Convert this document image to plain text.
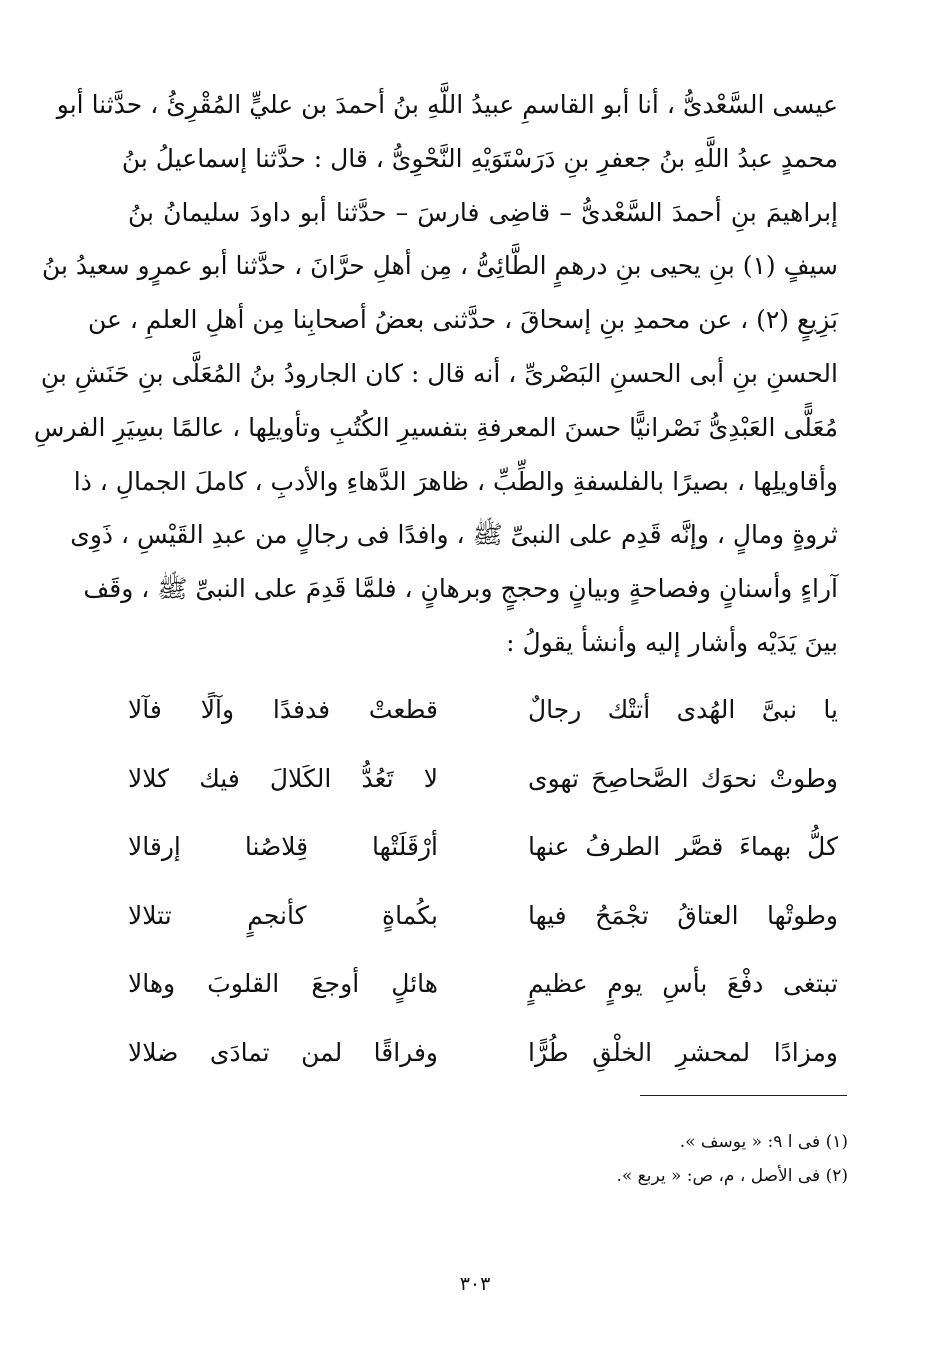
عيسى السَّعْدىُّ ، أنا أبو القاسمِ عبيدُ اللَّهِ بنُ أحمدَ بن عليٍّ المُقْرِئُ ، حدَّثنا أبو
محمدٍ عبدُ اللَّهِ بنُ جعفرِ بنِ دَرَسْتَوَيْهِ النَّحْوِىُّ ، قال : حدَّثنا إسماعيلُ بنُ
إبراهيمَ بنِ أحمدَ السَّعْدىُّ – قاضِى فارسَ – حدَّثنا أبو داودَ سليمانُ بنُ
سيفٍ (١) بنِ يحيى بنِ درهمٍ الطَّائِىُّ ، مِن أهلِ حرَّانَ ، حدَّثنا أبو عمرٍو سعيدُ بنُ
بَزِيعٍ (٢) ، عن محمدِ بنِ إسحاقَ ، حدَّثنى بعضُ أصحابِنا مِن أهلِ العلمِ ، عن
الحسنِ بنِ أبى الحسنِ البَصْرىِّ ، أنه قال : كان الجارودُ بنُ المُعَلَّى بنِ حَنَشِ بنِ
مُعَلًّى العَبْدِىُّ نَصْرانيًّا حسنَ المعرفةِ بتفسيرِ الكُتُبِ وتأويلِها ، عالمًا بسِيَرِ الفرسِ
وأقاويلِها ، بصيرًا بالفلسفةِ والطِّبِّ ، ظاهرَ الدَّهاءِ والأدبِ ، كاملَ الجمالِ ، ذا
ثروةٍ ومالٍ ، وإنَّه قَدِم على النبىِّ ﷺ ، وافدًا فى رجالٍ من عبدِ القَيْسِ ، ذَوِى
آراءٍ وأسنانٍ وفصاحةٍ وبيانٍ وحججٍ وبرهانٍ ، فلمَّا قَدِمَ على النبىِّ ﷺ ، وقَف
بينَ يَدَيْه وأشار إليه وأنشأ يقولُ :
يا نبىَّ الهُدى أتتْك رجالٌ
قطعتْ فدفدًا وآلًا فآلا
وطوتْ نحوَك الصَّحاصِحَ تهوى
لا تَعُدُّ الكَلالَ فيك كلالا
كلُّ بهماءَ قصَّر الطرفُ عنها
أرْقَلَتْها قِلاصُنا إرقالا
وطوتْها العتاقُ تجْمَحُ فيها
بكُماةٍ كأنجمٍ تتلالا
تبتغى دفْعَ بأسِ يومٍ عظيمٍ
هائلٍ أوجعَ القلوبَ وهالا
ومزادًا لمحشرِ الخلْقِ طُرًّا
وفراقًا لمن تمادَى ضلالا
(١) فى ا ٩: « يوسف ».
(٢) فى الأصل ، م، ص: « يربع ».
٣٠٣
